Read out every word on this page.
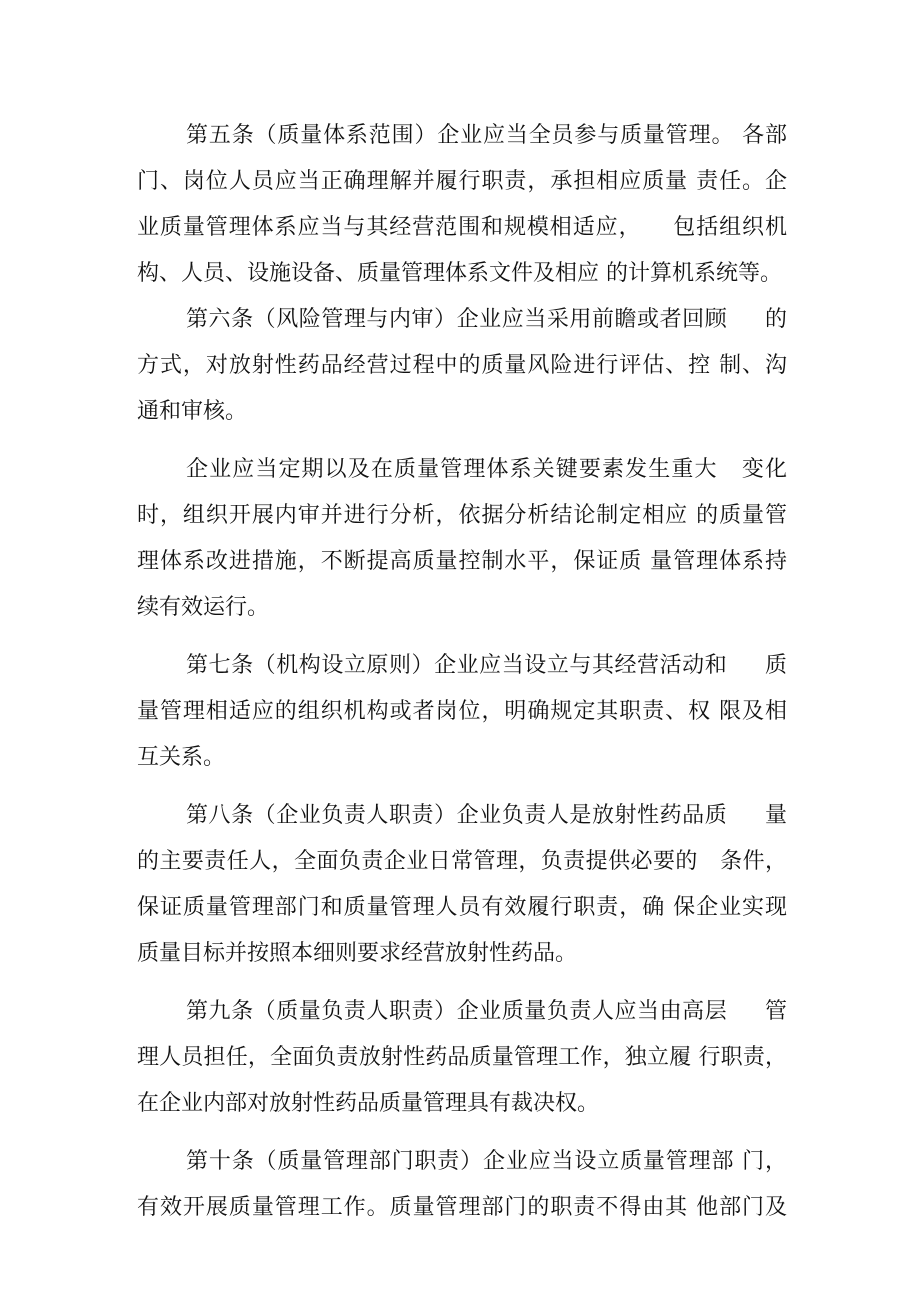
第五条（质量体系范围）企业应当全员参与质量管理。 各部
门、岗位人员应当正确理解并履行职责，承担相应质量 责任。企
业质量管理体系应当与其经营范围和规模相适应，    包括组织机
构、人员、设施设备、质量管理体系文件及相应 的计算机系统等。

第六条（风险管理与内审）企业应当采用前瞻或者回顾     的
方式，对放射性药品经营过程中的质量风险进行评估、控 制、沟
通和审核。

企业应当定期以及在质量管理体系关键要素发生重大   变化
时，组织开展内审并进行分析，依据分析结论制定相应 的质量管
理体系改进措施，不断提高质量控制水平，保证质 量管理体系持
续有效运行。

第七条（机构设立原则）企业应当设立与其经营活动和     质
量管理相适应的组织机构或者岗位，明确规定其职责、权 限及相
互关系。

第八条（企业负责人职责）企业负责人是放射性药品质     量
的主要责任人，全面负责企业日常管理，负责提供必要的   条件，
保证质量管理部门和质量管理人员有效履行职责，确 保企业实现
质量目标并按照本细则要求经营放射性药品。

第九条（质量负责人职责）企业质量负责人应当由高层     管
理人员担任，全面负责放射性药品质量管理工作，独立履 行职责，
在企业内部对放射性药品质量管理具有裁决权。

第十条（质量管理部门职责）企业应当设立质量管理部 门，
有效开展质量管理工作。质量管理部门的职责不得由其 他部门及
